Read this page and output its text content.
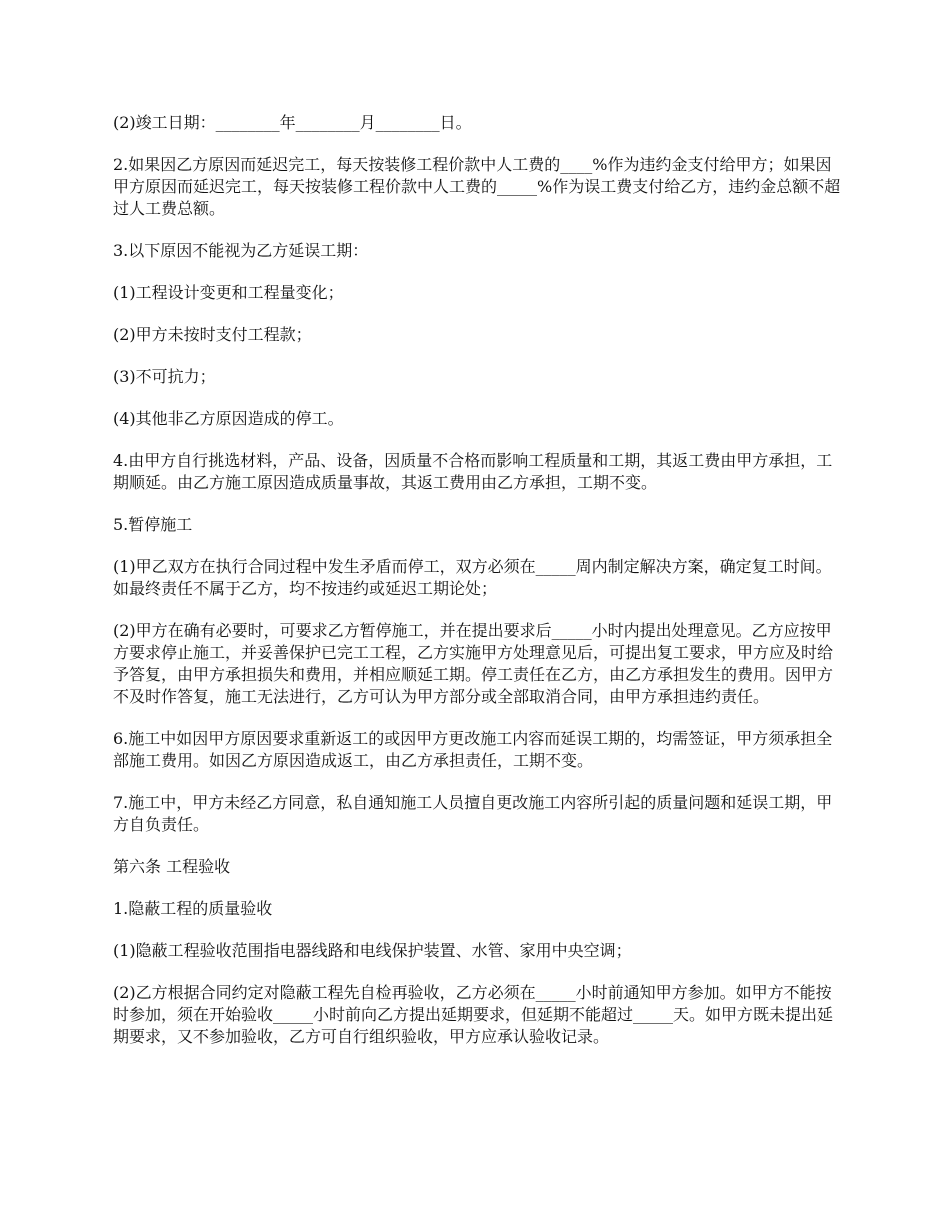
(2)竣工日期：________年________月________日。

2.如果因乙方原因而延迟完工，每天按装修工程价款中人工费的____%作为违约金支付给甲方；如果因甲方原因而延迟完工，每天按装修工程价款中人工费的_____%作为误工费支付给乙方，违约金总额不超过人工费总额。

3.以下原因不能视为乙方延误工期：

(1)工程设计变更和工程量变化；

(2)甲方未按时支付工程款；

(3)不可抗力；

(4)其他非乙方原因造成的停工。

4.由甲方自行挑选材料，产品、设备，因质量不合格而影响工程质量和工期，其返工费由甲方承担，工期顺延。由乙方施工原因造成质量事故，其返工费用由乙方承担，工期不变。

5.暂停施工

(1)甲乙双方在执行合同过程中发生矛盾而停工，双方必须在_____周内制定解决方案，确定复工时间。如最终责任不属于乙方，均不按违约或延迟工期论处；

(2)甲方在确有必要时，可要求乙方暂停施工，并在提出要求后_____小时内提出处理意见。乙方应按甲方要求停止施工，并妥善保护已完工工程，乙方实施甲方处理意见后，可提出复工要求，甲方应及时给予答复，由甲方承担损失和费用，并相应顺延工期。停工责任在乙方，由乙方承担发生的费用。因甲方不及时作答复，施工无法进行，乙方可认为甲方部分或全部取消合同，由甲方承担违约责任。

6.施工中如因甲方原因要求重新返工的或因甲方更改施工内容而延误工期的，均需签证，甲方须承担全部施工费用。如因乙方原因造成返工，由乙方承担责任，工期不变。

7.施工中，甲方未经乙方同意，私自通知施工人员擅自更改施工内容所引起的质量问题和延误工期，甲方自负责任。

第六条 工程验收

1.隐蔽工程的质量验收

(1)隐蔽工程验收范围指电器线路和电线保护装置、水管、家用中央空调；

(2)乙方根据合同约定对隐蔽工程先自检再验收，乙方必须在_____小时前通知甲方参加。如甲方不能按时参加，须在开始验收_____小时前向乙方提出延期要求，但延期不能超过_____天。如甲方既未提出延期要求，又不参加验收，乙方可自行组织验收，甲方应承认验收记录。
